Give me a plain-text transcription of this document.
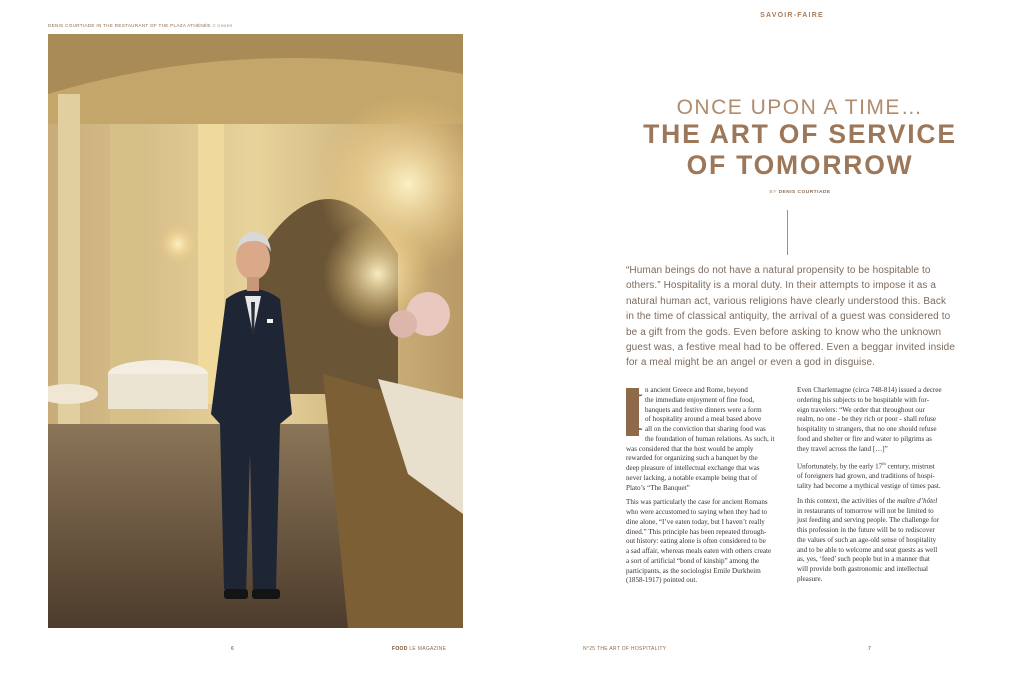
DENIS COURTIADE IN THE RESTAURANT OF THE PLAZA ATHÉNÉE © DINIER
6	FOOD LE MAGAZINE
SAVOIR-FAIRE
ONCE UPON A TIME…
THE ART OF SERVICE
OF TOMORROW
BY DENIS COURTIADE
“Human beings do not have a natural propensity to be hospitable to
others.” Hospitality is a moral duty. In their attempts to impose it as a
natural human act, various religions have clearly understood this. Back
in the time of classical antiquity, the arrival of a guest was considered to
be a gift from the gods. Even before asking to know who the unknown
guest was, a festive meal had to be offered. Even a beggar invited inside
for a meal might be an angel or even a god in disguise.

I n ancient Greece and Rome, beyond
the immediate enjoyment of fine food,
banquets and festive dinners were a form
of hospitality around a meal based above
all on the conviction that sharing food was
the foundation of human relations. As such, it
was considered that the host would be amply
rewarded for organizing such a banquet by the
deep pleasure of intellectual exchange that was
never lacking, a notable example being that of
Plato’s “The Banquet”

This was particularly the case for ancient Romans
who were accustomed to saying when they had to
dine alone, “I’ve eaten today, but I haven’t really
dined.” This principle has been repeated through-
out history: eating alone is often considered to be
a sad affair, whereas meals eaten with others create
a sort of artificial “bond of kinship” among the
participants, as the sociologist Emile Durkheim
(1858-1917) pointed out.

Even Charlemagne (circa 748-814) issued a decree
ordering his subjects to be hospitable with for-
eign travelers: “We order that throughout our
realm, no one - be they rich or poor - shall refuse
hospitality to strangers, that no one should refuse
food and shelter or fire and water to pilgrims as
they travel across the land […]”

Unfortunately, by the early 17th century, mistrust
of foreigners had grown, and traditions of hospi-
tality had become a mythical vestige of times past.

In this context, the activities of the maître d’hôtel
in restaurants of tomorrow will not be limited to
just feeding and serving people. The challenge for
this profession in the future will be to rediscover
the values of such an age-old sense of hospitality
and to be able to welcome and seat guests as well
as, yes, ‘feed’ such people but in a manner that
will provide both gastronomic and intellectual
pleasure.

N°25 THE ART OF HOSPITALITY	7
